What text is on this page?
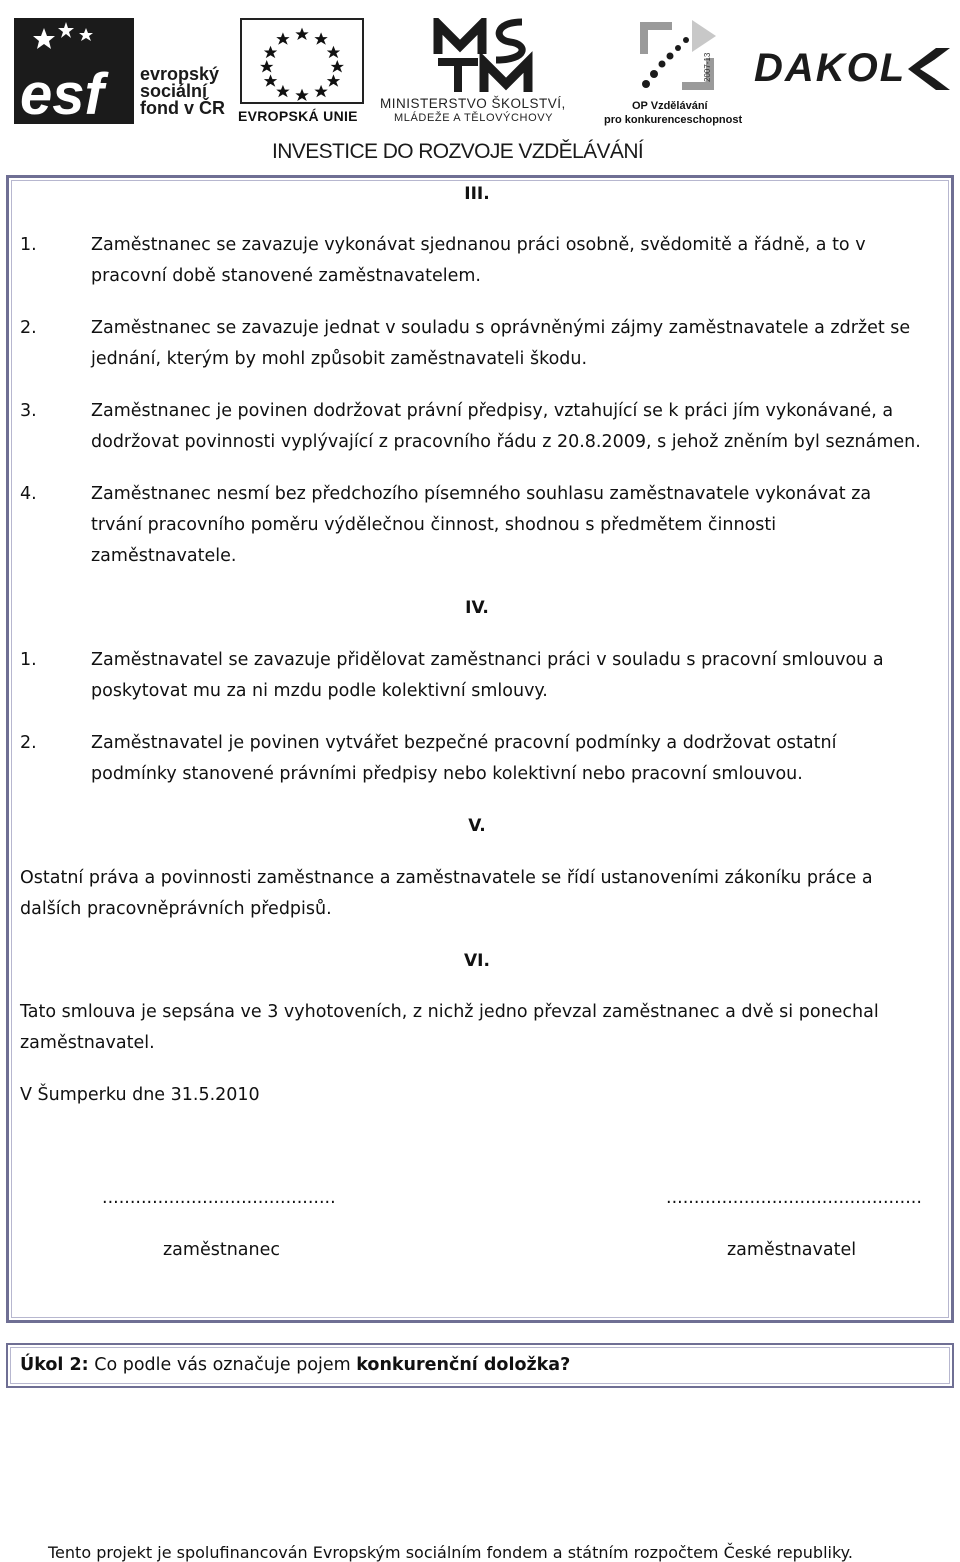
esf	evropský
sociální
fond v ČR EVROPSKÁ UNIE
MINISTERSTVO ŠKOLSTVÍ,
MLÁDEŽE A TĚLOVÝCHOVY
2007-13
OP Vzdělávání
pro konkurenceschopnost
DAKOL
INVESTICE DO ROZVOJE VZDĚLÁVÁNÍ
III.
1.	Zaměstnanec se zavazuje vykonávat sjednanou práci osobně, svědomitě a řádně, a to v
pracovní době stanovené zaměstnavatelem.
2.	Zaměstnanec se zavazuje jednat v souladu s oprávněnými zájmy zaměstnavatele a zdržet se
jednání, kterým by mohl způsobit zaměstnavateli škodu.
3.	Zaměstnanec je povinen dodržovat právní předpisy, vztahující se k práci jím vykonávané, a
dodržovat povinnosti vyplývající z pracovního řádu z 20.8.2009, s jehož zněním byl seznámen.
4.	Zaměstnanec nesmí bez předchozího písemného souhlasu zaměstnavatele vykonávat za
trvání pracovního poměru výdělečnou činnost, shodnou s předmětem činnosti
zaměstnavatele.
IV.
1.	Zaměstnavatel se zavazuje přidělovat zaměstnanci práci v souladu s pracovní smlouvou a
poskytovat mu za ni mzdu podle kolektivní smlouvy.
2.	Zaměstnavatel je povinen vytvářet bezpečné pracovní podmínky a dodržovat ostatní
podmínky stanovené právními předpisy nebo kolektivní nebo pracovní smlouvou.
V.
Ostatní práva a povinnosti zaměstnance a zaměstnavatele se řídí ustanoveními zákoníku práce a
dalších pracovněprávních předpisů.
VI.
Tato smlouva je sepsána ve 3 vyhotoveních, z nichž jedno převzal zaměstnanec a dvě si ponechal
zaměstnavatel.
V Šumperku dne 31.5.2010
..........................................	..............................................
zaměstnanec	zaměstnavatel
Úkol 2: Co podle vás označuje pojem konkurenční doložka?
Tento projekt je spolufinancován Evropským sociálním fondem a státním rozpočtem České republiky.
